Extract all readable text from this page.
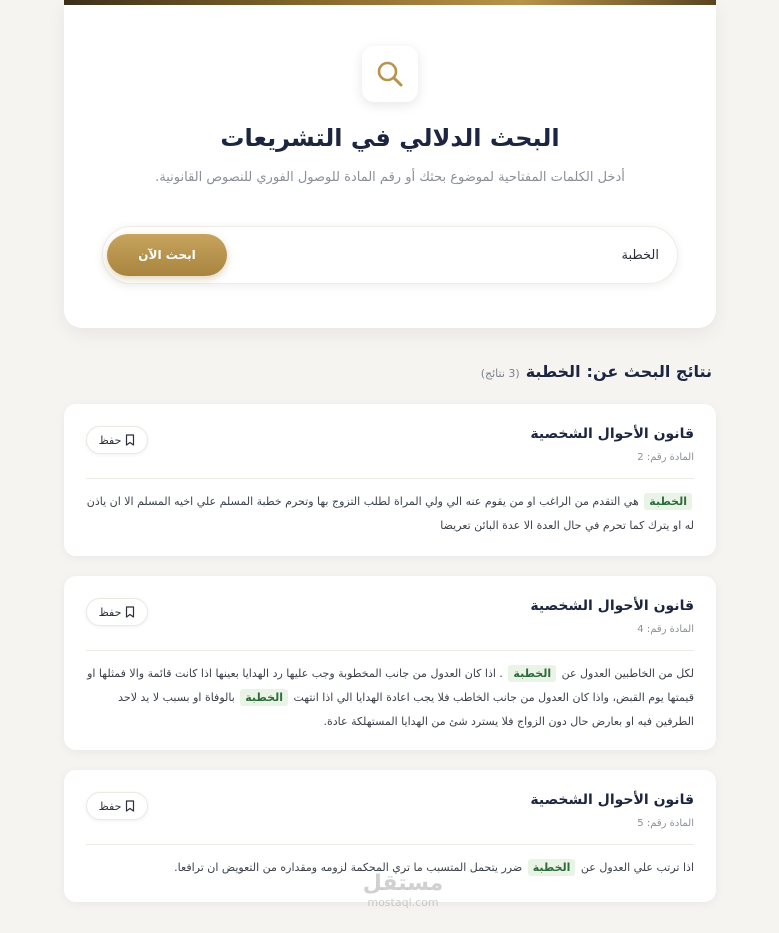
البحث الدلالي في التشريعات

أدخل الكلمات المفتاحية لموضوع بحثك أو رقم المادة للوصول الفوري للنصوص القانونية.

الخطبة
ابحث الآن
نتائج البحث عن:
الخطبة
(3 نتائج)
قانون الأحوال الشخصية
المادة رقم: 2
حفظ

الخطبة هي التقدم من الراغب او من يقوم عنه الي ولي المراة لطلب التزوج بها وتحرم خطبة المسلم علي اخيه المسلم الا ان ياذن له او يترك كما تحرم في حال العدة الا عدة البائن تعريضا

قانون الأحوال الشخصية
المادة رقم: 4
حفظ

لكل من الخاطبين العدول عن الخطبة . اذا كان العدول من جانب المخطوبة وجب عليها رد الهدايا بعينها اذا كانت قائمة والا فمثلها او قيمتها يوم القبض، واذا كان العدول من جانب الخاطب فلا يجب اعادة الهدايا الي اذا انتهت الخطبة بالوفاة او بسبب لا يد لاحد الطرفين فيه او بعارض حال دون الزواج فلا يسترد شئ من الهدايا المستهلكة عادة.

قانون الأحوال الشخصية
المادة رقم: 5
حفظ

اذا ترتب علي العدول عن الخطبة ضرر يتحمل المتسبب ما تري المحكمة لزومه ومقداره من التعويض ان ترافعا.

مستقل
mostaql.com
